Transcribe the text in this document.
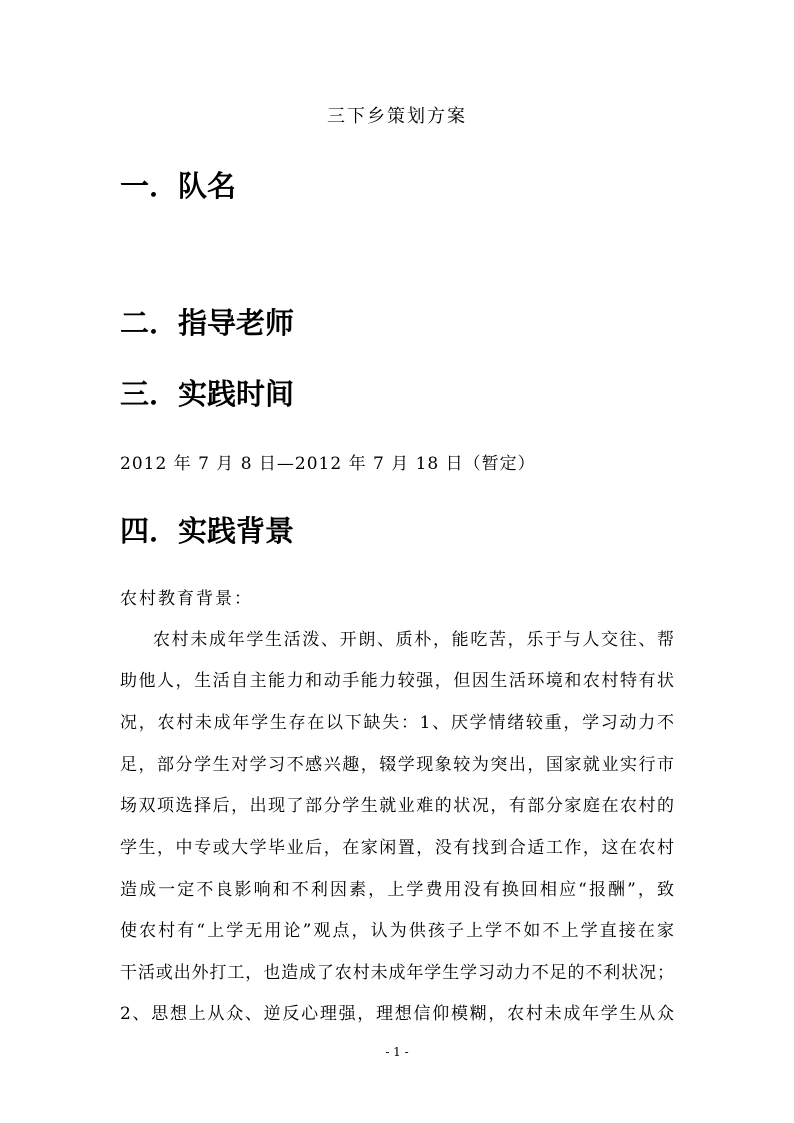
三下乡策划方案
一．队名
二．指导老师
三．实践时间
2012 年 7 月 8 日—2012 年 7 月 18 日（暂定）
四．实践背景
农村教育背景：
农村未成年学生活泼、开朗、质朴，能吃苦，乐于与人交往、帮
助他人，生活自主能力和动手能力较强，但因生活环境和农村特有状
况，农村未成年学生存在以下缺失：1、厌学情绪较重，学习动力不
足，部分学生对学习不感兴趣，辍学现象较为突出，国家就业实行市
场双项选择后，出现了部分学生就业难的状况，有部分家庭在农村的
学生，中专或大学毕业后，在家闲置，没有找到合适工作，这在农村
造成一定不良影响和不利因素，上学费用没有换回相应“报酬”，致
使农村有“上学无用论”观点，认为供孩子上学不如不上学直接在家
干活或出外打工，也造成了农村未成年学生学习动力不足的不利状况；
2、思想上从众、逆反心理强，理想信仰模糊，农村未成年学生从众
- 1 -
